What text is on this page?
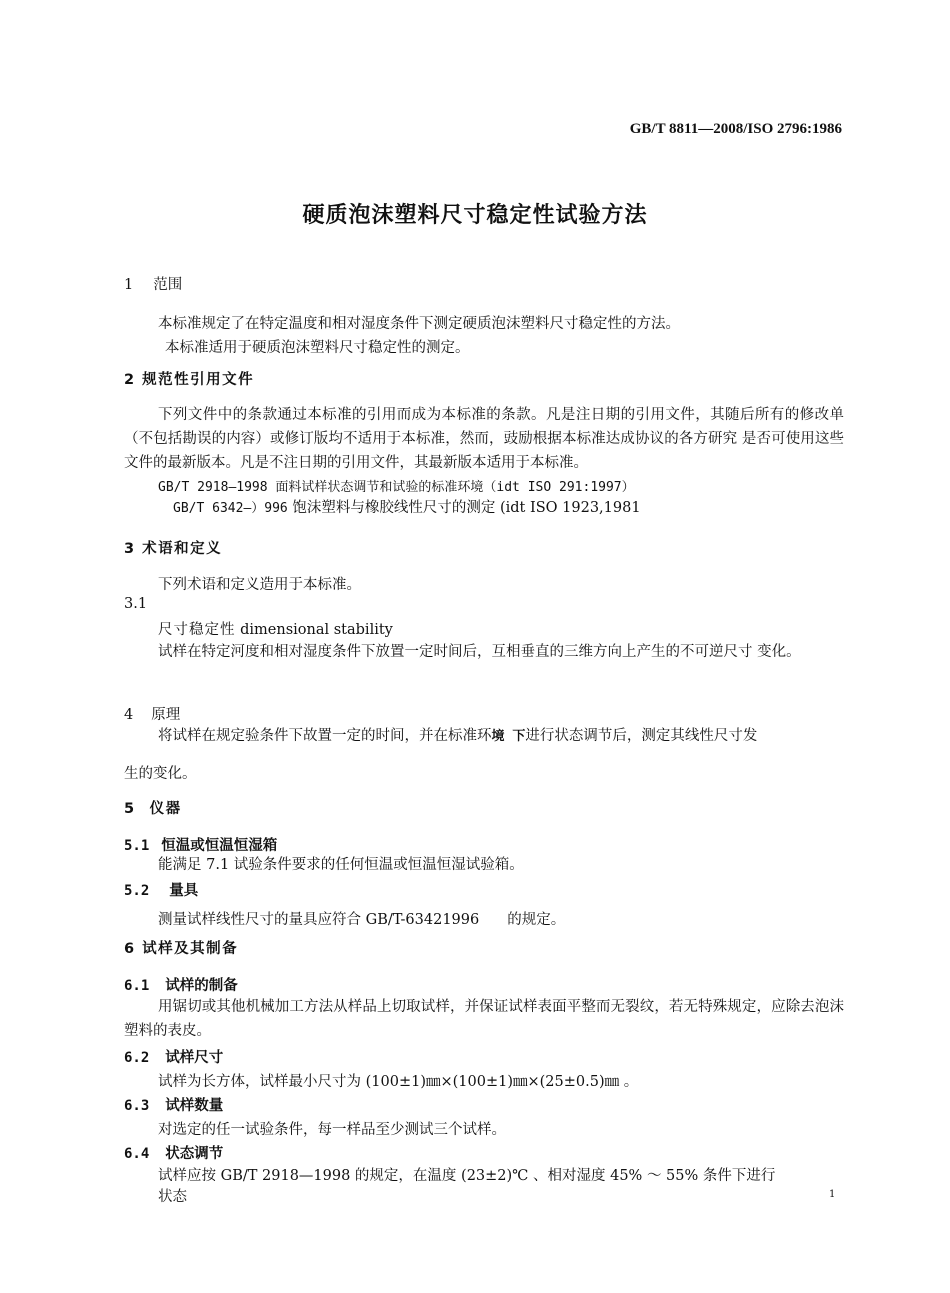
GB/T 8811—2008/ISO 2796:1986
硬质泡沫塑料尺寸稳定性试验方法
1 范围
本标准规定了在特定温度和相对湿度条件下测定硬质泡沫塑料尺寸稳定性的方法。
本标准适用于硬质泡沫塑料尺寸稳定性的测定。
2 规范性引用文件
下列文件中的条款通过本标准的引用而成为本标准的条款。凡是注日期的引用文件，其随后所有的修改单（不包括勘误的内容）或修订版均不适用于本标准，然而，豉励根据本标准达成协议的各方研究 是否可使用这些文件的最新版本。凡是不注日期的引用文件，其最新版本适用于本标准。
GB/T 2918—1998 面料试样状态调节和试验的标准环境（idt ISO 291:1997）
GB/T 6342—）996 饱沫塑料与橡胶线性尺寸的测定 (idt ISO 1923,1981
3 术语和定义
下列术语和定义造用于本标准。
3.1
尺寸稳定性 dimensional stability
试样在特定河度和相对湿度条件下放置一定时间后，互相垂直的三维方向上产生的不可逆尺寸 变化。
4 原理
将试样在规定验条件下故置一定的时间，并在标准环境 下进行状态调节后，测定其线性尺寸发
生的变化。
5 仪器
5.1 恒温或恒温恒湿箱
能满足 7.1 试验条件要求的任何恒温或恒温恒湿试验箱。
5.2 量具
测量试样线性尺寸的量具应符合 GB/T-63421996 的规定。
6 试样及其制备
6.1 试样的制备
用锯切或其他机械加工方法从样品上切取试样，并保证试样表面平整而无裂纹，若无特殊规定，应除去泡沫塑料的表皮。
6.2 试样尺寸
试样为长方体，试样最小尺寸为 (100±1)㎜×(100±1)㎜×(25±0.5)㎜ 。
6.3 试样数量
对选定的任一试验条件，每一样品至少测试三个试样。
6.4 状态调节
试样应按 GB/T 2918—1998 的规定，在温度 (23±2)℃ 、相对湿度 45% ～ 55% 条件下进行
状态	1
